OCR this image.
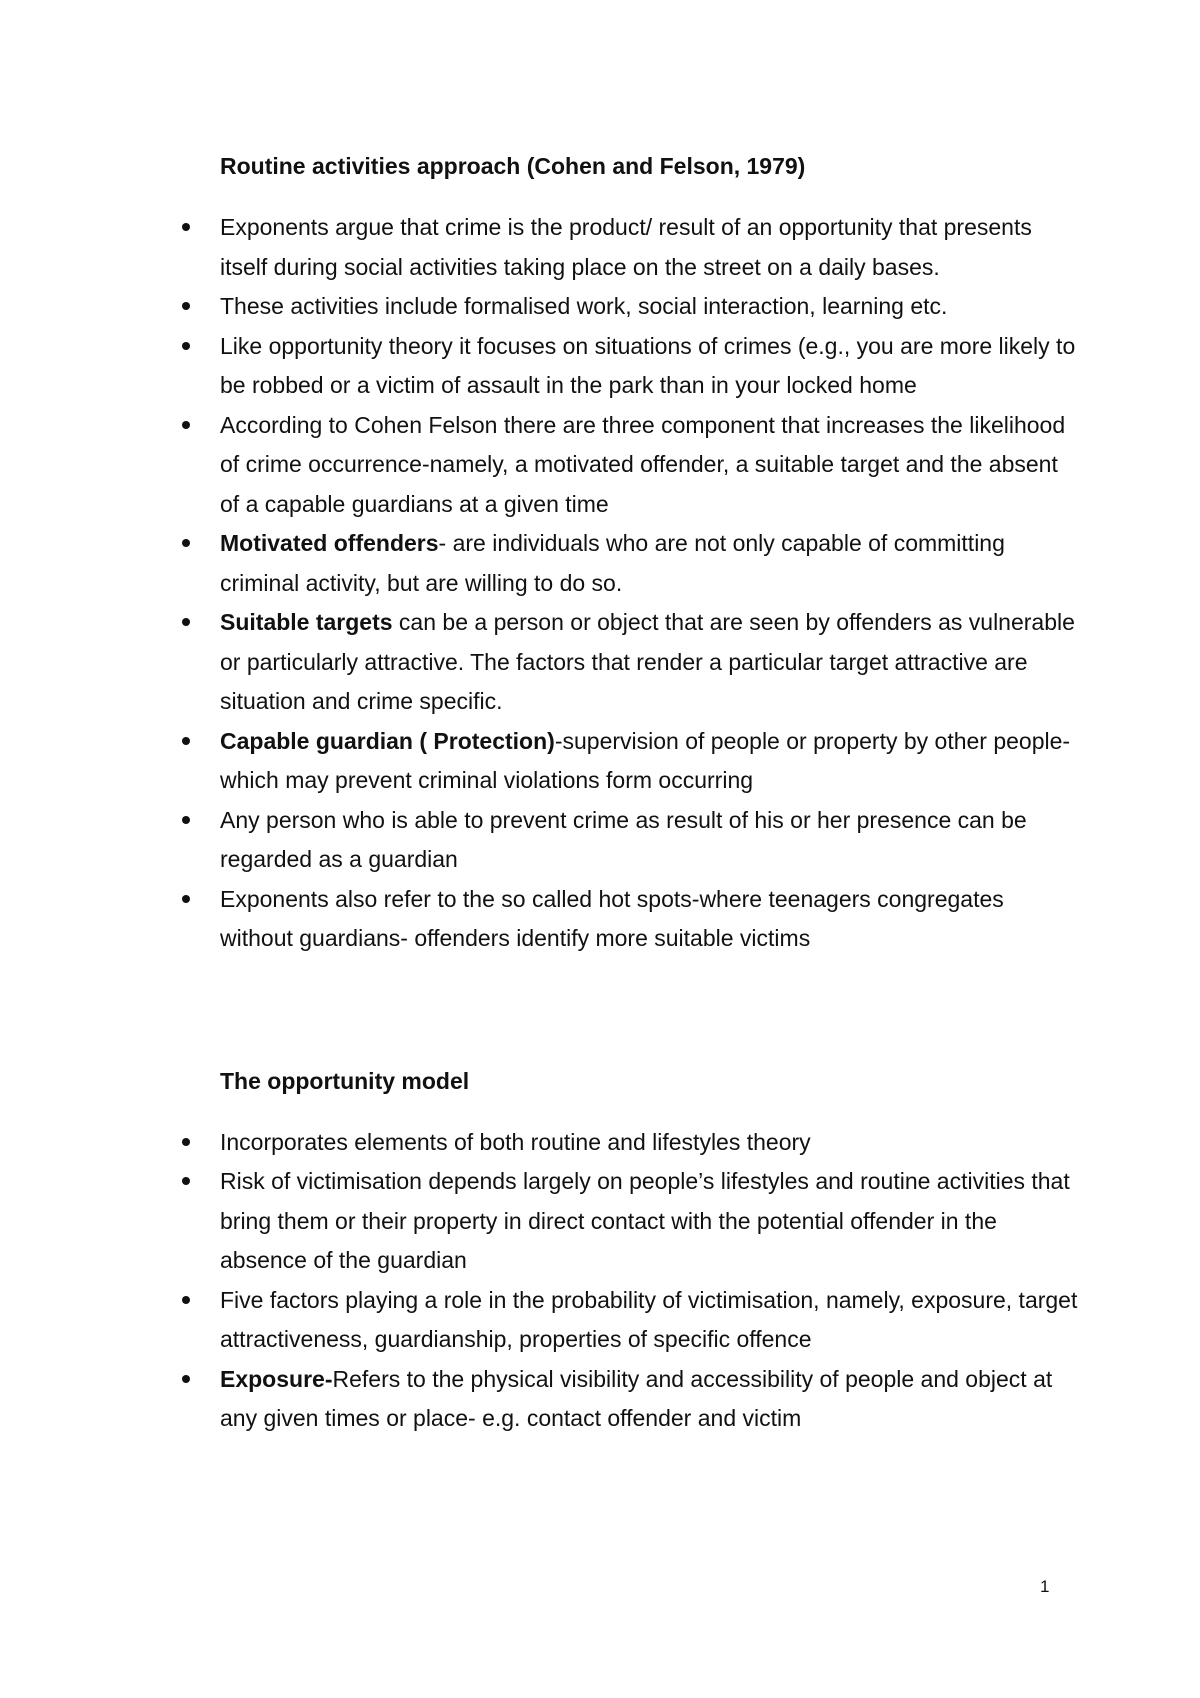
Routine activities approach (Cohen and Felson, 1979)
Exponents argue that crime is the product/ result of an opportunity that presents itself during social activities taking place on the street on a daily bases.
These activities include formalised work, social interaction, learning etc.
Like opportunity theory it focuses on situations of crimes (e.g., you are more likely to be robbed or a victim of assault in the park than in your locked home
According to Cohen Felson there are three component that increases the likelihood of crime occurrence-namely, a motivated offender, a suitable target and the absent of a capable guardians at a given time
Motivated offenders- are individuals who are not only capable of committing criminal activity, but are willing to do so.
Suitable targets can be a person or object that are seen by offenders as vulnerable or particularly attractive. The factors that render a particular target attractive are situation and crime specific.
Capable guardian ( Protection)-supervision of people or property by other people-which may prevent criminal violations form occurring
Any person who is able to prevent crime as result of his or her presence can be regarded as a guardian
Exponents also refer to the so called hot spots-where teenagers congregates without guardians- offenders identify more suitable victims
The opportunity model
Incorporates elements of both routine and lifestyles theory
Risk of victimisation depends largely on people’s lifestyles and routine activities that bring them or their property in direct contact with the potential offender in the absence of the guardian
Five factors playing a role in the probability of victimisation, namely, exposure, target attractiveness, guardianship, properties of specific offence
Exposure-Refers to the physical visibility and accessibility of people and object at any given times or place- e.g. contact offender and victim
1
